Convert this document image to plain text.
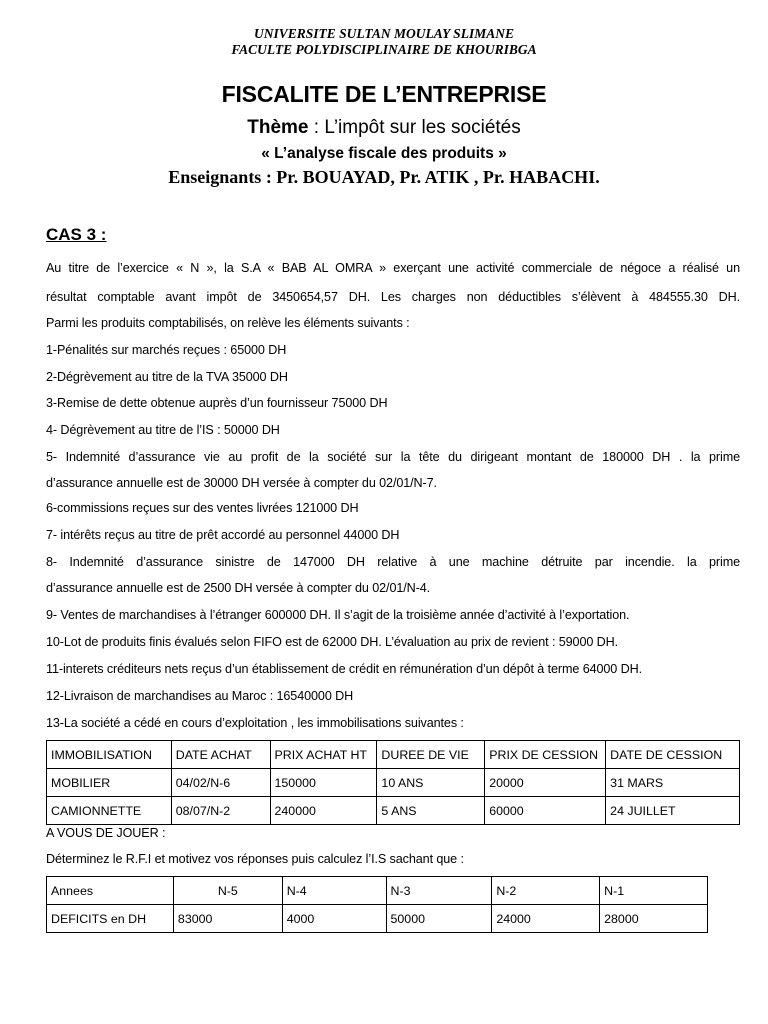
UNIVERSITE SULTAN MOULAY SLIMANE
FACULTE POLYDISCIPLINAIRE DE KHOURIBGA
FISCALITE DE L’ENTREPRISE
Thème : L’impôt sur les sociétés
« L’analyse fiscale des produits »
Enseignants : Pr. BOUAYAD, Pr. ATIK , Pr. HABACHI.
CAS 3 :
Au titre de l’exercice « N », la S.A « BAB AL OMRA » exerçant une activité commerciale de négoce a réalisé un
résultat comptable avant impôt de 3450654,57 DH. Les charges non déductibles s’élèvent à 484555.30 DH.
Parmi les produits comptabilisés, on relève les éléments suivants :
1-Pénalités sur marchés reçues : 65000 DH
2-Dégrèvement au titre de la TVA 35000 DH
3-Remise de dette obtenue auprès d’un fournisseur 75000 DH
4- Dégrèvement au titre de l’IS : 50000 DH
5- Indemnité d’assurance vie au profit de la société sur la tête du dirigeant montant de 180000 DH . la prime
d’assurance annuelle est de 30000 DH versée à compter du 02/01/N-7.
6-commissions reçues sur des ventes livrées 121000 DH
7- intérêts reçus au titre de prêt accordé au personnel 44000 DH
8- Indemnité d’assurance sinistre de 147000 DH relative à une machine détruite par incendie. la prime
d’assurance annuelle est de 2500 DH versée à compter du 02/01/N-4.
9- Ventes de marchandises à l’étranger 600000 DH. Il s’agit de la troisième année d’activité à l’exportation.
10-Lot de produits finis évalués selon FIFO est de 62000 DH. L’évaluation au prix de revient : 59000 DH.
11-interets créditeurs nets reçus d’un établissement de crédit en rémunération d’un dépôt à terme 64000 DH.
12-Livraison de marchandises au Maroc : 16540000 DH
13-La société a cédé en cours d’exploitation , les immobilisations suivantes :
IMMOBILISATION	DATE ACHAT	PRIX ACHAT HT	DUREE DE VIE	PRIX DE CESSION	DATE DE CESSION
MOBILIER	04/02/N-6	150000	10 ANS	20000	31 MARS
CAMIONNETTE	08/07/N-2	240000	5 ANS	60000	24 JUILLET
A VOUS DE JOUER :
Déterminez le R.F.I et motivez vos réponses puis calculez l’I.S sachant que :
Annees	N-5	N-4	N-3	N-2	N-1
DEFICITS en DH	83000	4000	50000	24000	28000
